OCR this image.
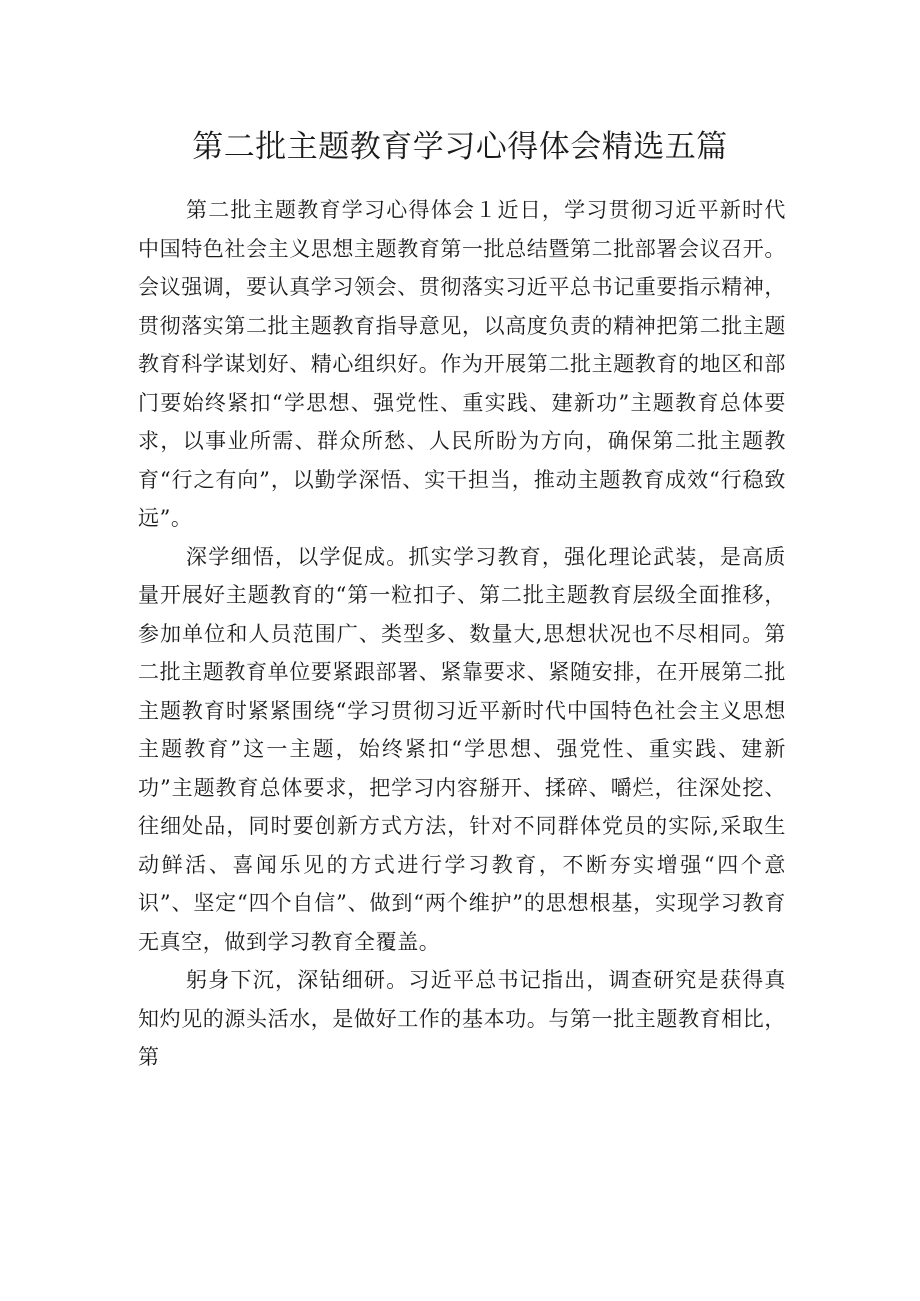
第二批主题教育学习心得体会精选五篇

第二批主题教育学习心得体会１近日，学习贯彻习近平新时代中国特色社会主义思想主题教育第一批总结暨第二批部署会议召开。会议强调，要认真学习领会、贯彻落实习近平总书记重要指示精神，贯彻落实第二批主题教育指导意见，以高度负责的精神把第二批主题教育科学谋划好、精心组织好。作为开展第二批主题教育的地区和部门要始终紧扣“学思想、强党性、重实践、建新功”主题教育总体要求，以事业所需、群众所愁、人民所盼为方向，确保第二批主题教育“行之有向”，以勤学深悟、实干担当，推动主题教育成效“行稳致远”。

深学细悟，以学促成。抓实学习教育，强化理论武装，是高质量开展好主题教育的“第一粒扣子、第二批主题教育层级全面推移，参加单位和人员范围广、类型多、数量大,思想状况也不尽相同。第二批主题教育单位要紧跟部署、紧靠要求、紧随安排，在开展第二批主题教育时紧紧围绕“学习贯彻习近平新时代中国特色社会主义思想主题教育”这一主题，始终紧扣“学思想、强党性、重实践、建新功”主题教育总体要求，把学习内容掰开、揉碎、嚼烂，往深处挖、往细处品，同时要创新方式方法，针对不同群体党员的实际,采取生动鲜活、喜闻乐见的方式进行学习教育，不断夯实增强“四个意识”、坚定“四个自信”、做到“两个维护”的思想根基，实现学习教育无真空，做到学习教育全覆盖。

躬身下沉，深钻细研。习近平总书记指出，调查研究是获得真知灼见的源头活水，是做好工作的基本功。与第一批主题教育相比，第
